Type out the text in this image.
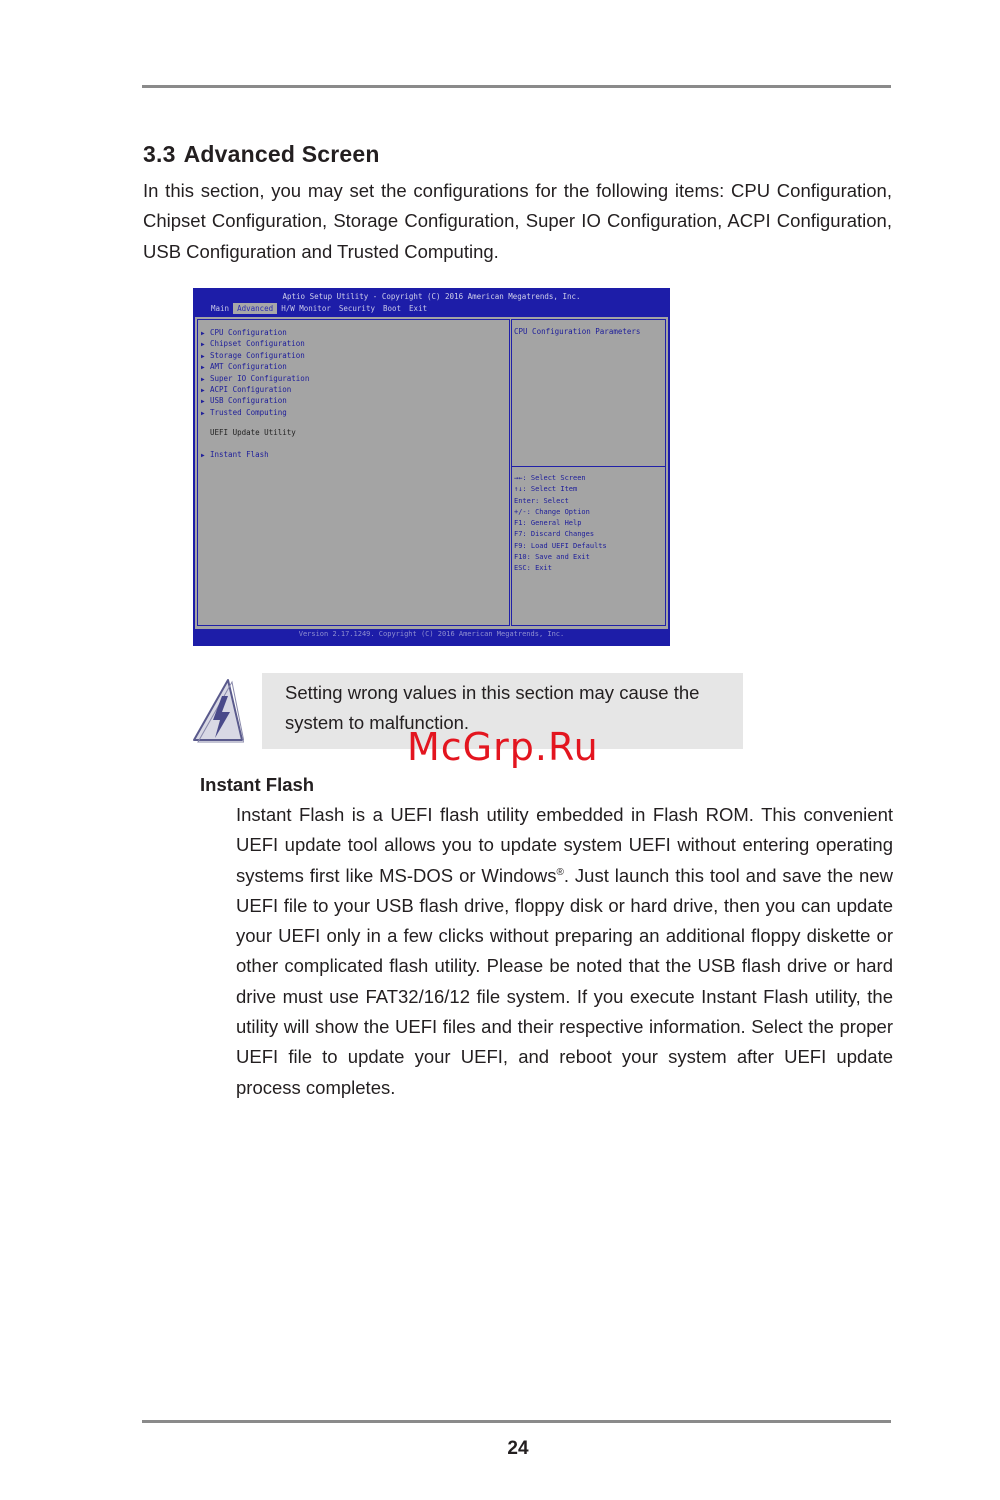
3.3 Advanced Screen

In this section, you may set the configurations for the following items: CPU Configuration, Chipset Configuration, Storage Configuration, Super IO Configuration, ACPI Configuration, USB Configuration and Trusted Computing.

Aptio Setup Utility - Copyright (C) 2016 American Megatrends, Inc.
Main	Advanced	H/W Monitor	Security	Boot	Exit
▶ CPU Configuration
▶ Chipset Configuration
▶ Storage Configuration
▶ AMT Configuration
▶ Super IO Configuration
▶ ACPI Configuration
▶ USB Configuration
▶ Trusted Computing
UEFI Update Utility
▶ Instant Flash
CPU Configuration Parameters
→←: Select Screen
↑↓: Select Item
Enter: Select
+/-: Change Option
F1: General Help
F7: Discard Changes
F9: Load UEFI Defaults
F10: Save and Exit
ESC: Exit
Version 2.17.1249. Copyright (C) 2016 American Megatrends, Inc.

Setting wrong values in this section may cause the system to malfunction.

McGrp.Ru
Instant Flash

Instant Flash is a UEFI flash utility embedded in Flash ROM. This convenient UEFI update tool allows you to update system UEFI without entering operating systems first like MS-DOS or Windows®. Just launch this tool and save the new UEFI file to your USB flash drive, floppy disk or hard drive, then you can update your UEFI only in a few clicks without preparing an additional floppy diskette or other complicated flash utility. Please be noted that the USB flash drive or hard drive must use FAT32/16/12 file system. If you execute Instant Flash utility, the utility will show the UEFI files and their respective information. Select the proper UEFI file to update your UEFI, and reboot your system after UEFI update process completes.

24
